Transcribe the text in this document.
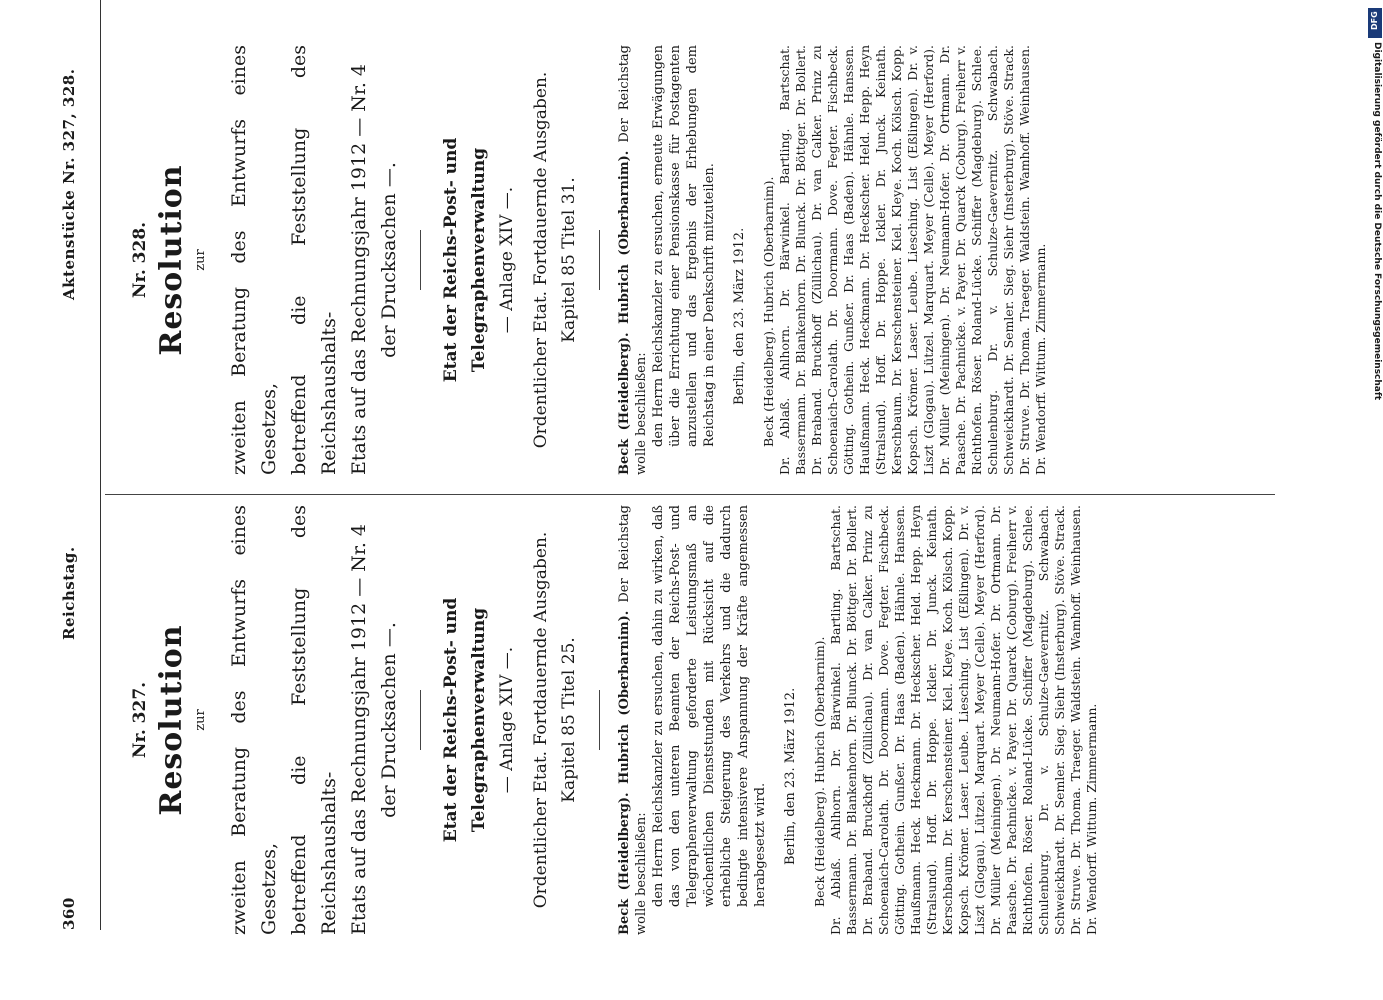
360
Reichstag.
Aktenstücke Nr. 327, 328.
Nr. 327. Resolution zur zweiten Beratung des Entwurfs eines Gesetzes, betreffend die Feststellung des Reichshaushalts- Etats auf das Rechnungsjahr 1912 — Nr. 4 der Drucksachen —. Etat der Reichs-Post- und Telegraphenverwaltung — Anlage XIV —. Ordentlicher Etat. Fortdauernde Ausgaben. Kapitel 85 Titel 25.	Beck (Heidelberg). Hubrich (Oberbarnim). Der Reichstag wolle beschließen: den Herrn Reichskanzler zu ersuchen, dahin zu wirken, daß das von den unteren Beamten der Reichs-Post- und Telegraphenverwaltung geforderte Leistungsmaß an wöchentlichen Dienststunden mit Rücksicht auf die erhebliche Steigerung des Verkehrs und die dadurch bedingte intensivere Anspannung der Kräfte angemessen herabgesetzt wird. Berlin, den 23. März 1912. Beck (Heidelberg). Hubrich (Oberbarnim). Dr. Ablaß. Ahlhorn. Dr. Bärwinkel. Bartling. Bartschat. Bassermann. Dr. Blankenhorn. Dr. Blunck. Dr. Böttger. Dr. Bollert. Dr. Braband. Bruckhoff (Züllichau). Dr. van Calker. Prinz zu Schoenaich-Carolath. Dr. Doormann. Dove. Fegter. Fischbeck. Götting. Gothein. Gunßer. Dr. Haas (Baden). Hähnle. Hanssen. Haußmann. Heck. Heckmann. Dr. Heckscher. Held. Hepp. Heyn (Stralsund). Hoff. Dr. Hoppe. Ickler. Dr. Junck. Keinath. Kerschbaum. Dr. Kerschensteiner. Kiel. Kleye. Koch. Kölsch. Kopp. Kopsch. Krömer. Laser. Leube. Liesching. List (Eßlingen). Dr. v. Liszt (Glogau). Lützel. Marquart. Meyer (Celle). Meyer (Herford). Dr. Müller (Meiningen). Dr. Neumann-Hofer. Dr. Ortmann. Dr. Paasche. Dr. Pachnicke. v. Payer. Dr. Quarck (Coburg). Freiherr v. Richthofen. Röser. Roland-Lücke. Schiffer (Magdeburg). Schlee. Schulenburg. Dr. v. Schulze-Gaevernitz. Schwabach. Schweickhardt. Dr. Semler. Sieg. Siehr (Insterburg). Stöve. Strack. Dr. Struve. Dr. Thoma. Traeger. Waldstein. Wamhoff. Weinhausen. Dr. Wendorff. Wittum. Zimmermann.
Nr. 328. Resolution zur zweiten Beratung des Entwurfs eines Gesetzes, betreffend die Feststellung des Reichshaushalts- Etats auf das Rechnungsjahr 1912 — Nr. 4 der Drucksachen —. Etat der Reichs-Post- und Telegraphenverwaltung — Anlage XIV —. Ordentlicher Etat. Fortdauernde Ausgaben. Kapitel 85 Titel 31.	Beck (Heidelberg). Hubrich (Oberbarnim). Der Reichstag wolle beschließen: den Herrn Reichskanzler zu ersuchen, erneute Erwägungen über die Errichtung einer Pensionskasse für Postagenten anzustellen und das Ergebnis der Erhebungen dem Reichstag in einer Denkschrift mitzuteilen. Berlin, den 23. März 1912. Beck (Heidelberg). Hubrich (Oberbarnim). Dr. Ablaß. Ahlhorn. Dr. Bärwinkel. Bartling. Bartschat. Bassermann. Dr. Blankenhorn. Dr. Blunck. Dr. Böttger. Dr. Bollert. Dr. Braband. Bruckhoff (Züllichau). Dr. van Calker. Prinz zu Schoenaich-Carolath. Dr. Doormann. Dove. Fegter. Fischbeck. Götting. Gothein. Gunßer. Dr. Haas (Baden). Hähnle. Hanssen. Haußmann. Heck. Heckmann. Dr. Heckscher. Held. Hepp. Heyn (Stralsund). Hoff. Dr. Hoppe. Ickler. Dr. Junck. Keinath. Kerschbaum. Dr. Kerschensteiner. Kiel. Kleye. Koch. Kölsch. Kopp. Kopsch. Krömer. Laser. Leube. Liesching. List (Eßlingen). Dr. v. Liszt (Glogau). Lützel. Marquart. Meyer (Celle). Meyer (Herford). Dr. Müller (Meiningen). Dr. Neumann-Hofer. Dr. Ortmann. Dr. Paasche. Dr. Pachnicke. v. Payer. Dr. Quarck (Coburg). Freiherr v. Richthofen. Röser. Roland-Lücke. Schiffer (Magdeburg). Schlee. Schulenburg. Dr. v. Schulze-Gaevernitz. Schwabach. Schweickhardt. Dr. Semler. Sieg. Siehr (Insterburg). Stöve. Strack. Dr. Struve. Dr. Thoma. Traeger. Waldstein. Wamhoff. Weinhausen. Dr. Wendorff. Wittum. Zimmermann.
DFG
Digitalisierung gefördert durch die Deutsche Forschungsgemeinschaft
